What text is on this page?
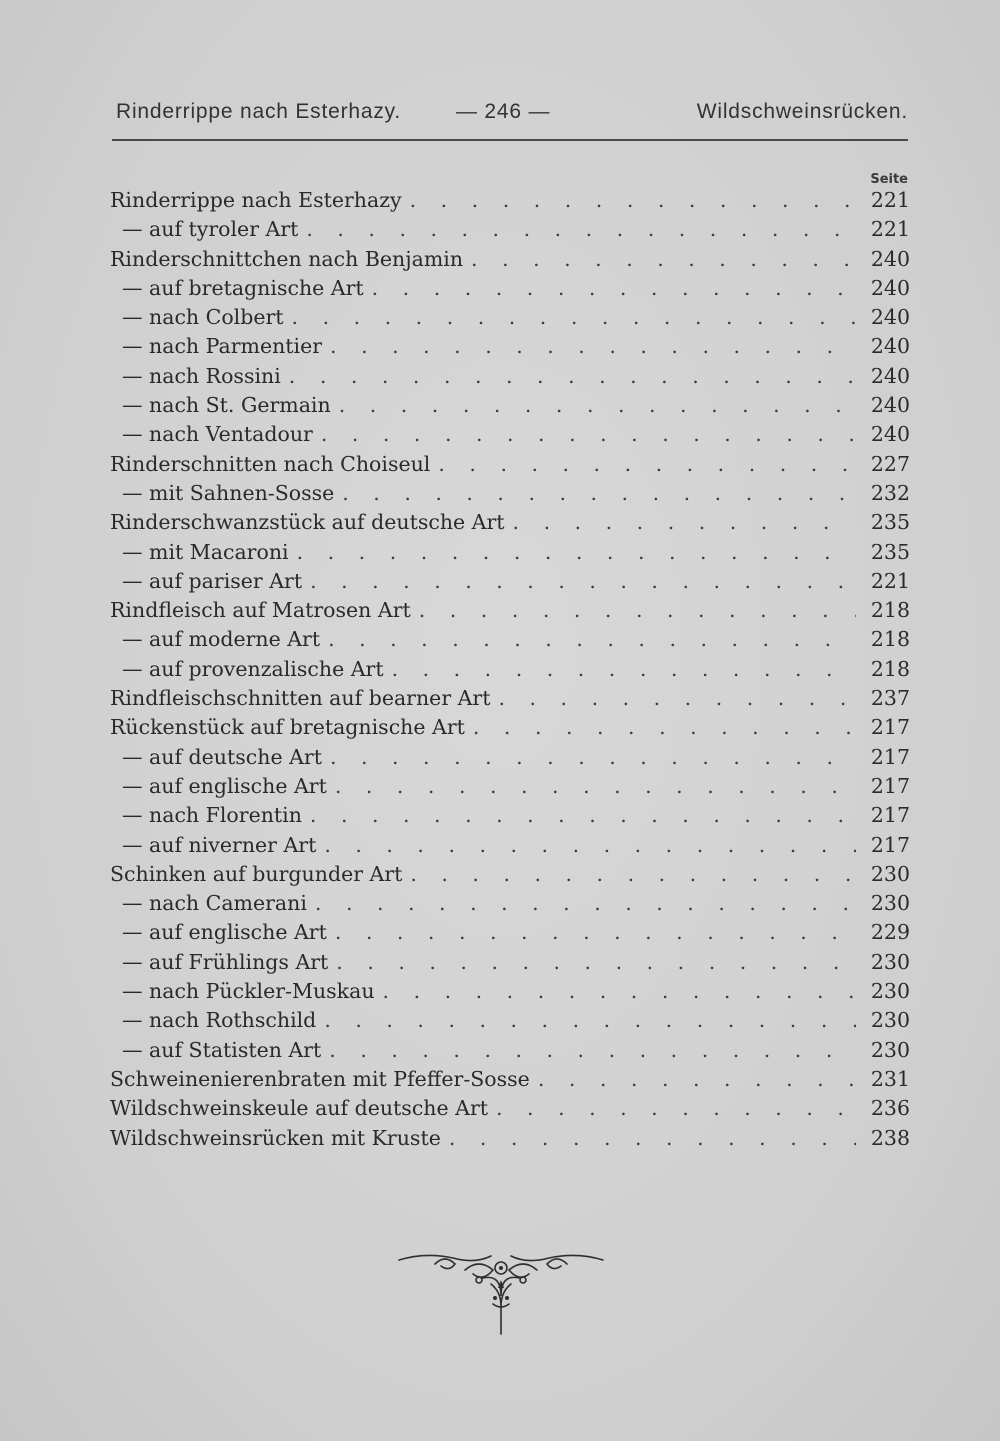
Rinderrippe nach Esterhazy.	— 246 —	Wildschweinsrücken.
Seite
Rinderrippe nach Esterhazy . . .	221
— auf tyroler Art . . .	221
Rinderschnittchen nach Benjamin . . .	240
— auf bretagnische Art . . .	240
— nach Colbert . . .	240
— nach Parmentier . . .	240
— nach Rossini . . .	240
— nach St. Germain . . .	240
— nach Ventadour . . .	240
Rinderschnitten nach Choiseul . . .	227
— mit Sahnen-Sosse . . .	232
Rinderschwanzstück auf deutsche Art . . .	235
— mit Macaroni . . .	235
— auf pariser Art . . .	221
Rindfleisch auf Matrosen Art . . .	218
— auf moderne Art . . .	218
— auf provenzalische Art . . .	218
Rindfleischschnitten auf bearner Art . . .	237
Rückenstück auf bretagnische Art . . .	217
— auf deutsche Art . . .	217
— auf englische Art . . .	217
— nach Florentin . . .	217
— auf niverner Art . . .	217
Schinken auf burgunder Art . . .	230
— nach Camerani . . .	230
— auf englische Art . . .	229
— auf Frühlings Art . . .	230
— nach Pückler-Muskau . . .	230
— nach Rothschild . . .	230
— auf Statisten Art . . .	230
Schweinenierenbraten mit Pfeffer-Sosse . . .	231
Wildschweinskeule auf deutsche Art . . .	236
Wildschweinsrücken mit Kruste . . .	238
